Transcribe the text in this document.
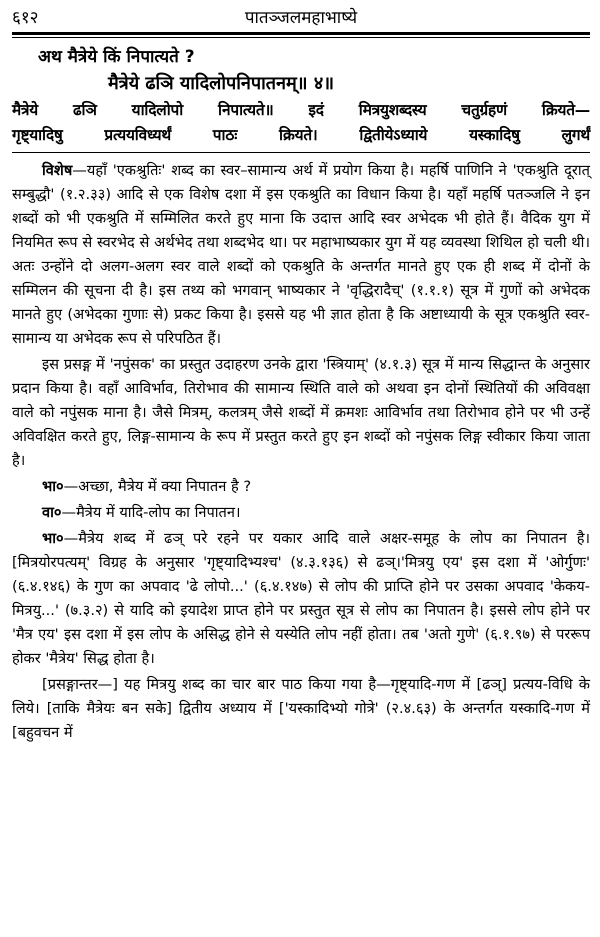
६१२	पातञ्जलमहाभाष्ये
अथ मैत्रेये किं निपात्यते ?
मैत्रेये ढञि यादिलोपनिपातनम्‌॥ ४॥
मैत्रेये ढञि यादिलोपो निपात्यते॥ इदं मित्रयुशब्दस्य चतुर्ग्रहणं क्रियते—
गृष्ट्यादिषु प्रत्ययविध्यर्थं पाठः क्रियते। द्वितीयेऽध्याये यस्कादिषु लुगर्थं

विशेष—यहाँ 'एकश्रुतिः' शब्द का स्वर–सामान्य अर्थ में प्रयोग किया है। महर्षि पाणिनि ने 'एकश्रुति दूरात् सम्बुद्धौ' (१.२.३३) आदि से एक विशेष दशा में इस एकश्रुति का विधान किया है। यहाँ महर्षि पतञ्जलि ने इन शब्दों को भी एकश्रुति में सम्मिलित करते हुए माना कि उदात्त आदि स्वर अभेदक भी होते हैं। वैदिक युग में नियमित रूप से स्वरभेद से अर्थभेद तथा शब्दभेद था। पर महाभाष्यकार युग में यह व्यवस्था शिथिल हो चली थी। अतः उन्होंने दो अलग-अलग स्वर वाले शब्दों को एकश्रुति के अन्तर्गत मानते हुए एक ही शब्द में दोनों के सम्मिलन की सूचना दी है। इस तथ्य को भगवान् भाष्यकार ने 'वृद्धिरादैच्' (१.१.१) सूत्र में गुणों को अभेदक मानते हुए (अभेदका गुणाः से) प्रकट किया है। इससे यह भी ज्ञात होता है कि अष्टाध्यायी के सूत्र एकश्रुति स्वर-सामान्य या अभेदक रूप से परिपठित हैं।

इस प्रसङ्ग में 'नपुंसक' का प्रस्तुत उदाहरण उनके द्वारा 'स्त्रियाम्' (४.१.३) सूत्र में मान्य सिद्धान्त के अनुसार प्रदान किया है। वहाँ आविर्भाव, तिरोभाव की सामान्य स्थिति वाले को अथवा इन दोनों स्थितियों की अविवक्षा वाले को नपुंसक माना है। जैसे मित्रम्, कलत्रम् जैसे शब्दों में क्रमशः आविर्भाव तथा तिरोभाव होने पर भी उन्हें अविवक्षित करते हुए, लिङ्ग-सामान्य के रूप में प्रस्तुत करते हुए इन शब्दों को नपुंसक लिङ्ग स्वीकार किया जाता है।

भा०—अच्छा, मैत्रेय में क्या निपातन है ?

वा०—मैत्रेय में यादि-लोप का निपातन।

भा०—मैत्रेय शब्द में ढञ् परे रहने पर यकार आदि वाले अक्षर-समूह के लोप का निपातन है। [मित्रयोरपत्यम्' विग्रह के अनुसार 'गृष्ट्यादिभ्यश्च' (४.३.१३६) से ढञ्।'मित्रयु एय' इस दशा में 'ओर्गुणः' (६.४.१४६) के गुण का अपवाद 'ढे लोपो...' (६.४.१४७) से लोप की प्राप्ति होने पर उसका अपवाद 'केकय-मित्रयु...' (७.३.२) से यादि को इयादेश प्राप्त होने पर प्रस्तुत सूत्र से लोप का निपातन है। इससे लोप होने पर 'मैत्र एय' इस दशा में इस लोप के असिद्ध होने से यस्येति लोप नहीं होता। तब 'अतो गुणे' (६.१.९७) से पररूप होकर 'मैत्रेय' सिद्ध होता है।

[प्रसङ्गान्तर—] यह मित्रयु शब्द का चार बार पाठ किया गया है—गृष्ट्यादि-गण में [ढञ्] प्रत्यय-विधि के लिये। [ताकि मैत्रेयः बन सके] द्वितीय अध्याय में ['यस्कादिभ्यो गोत्रे' (२.४.६३) के अन्तर्गत यस्कादि-गण में [बहुवचन में
